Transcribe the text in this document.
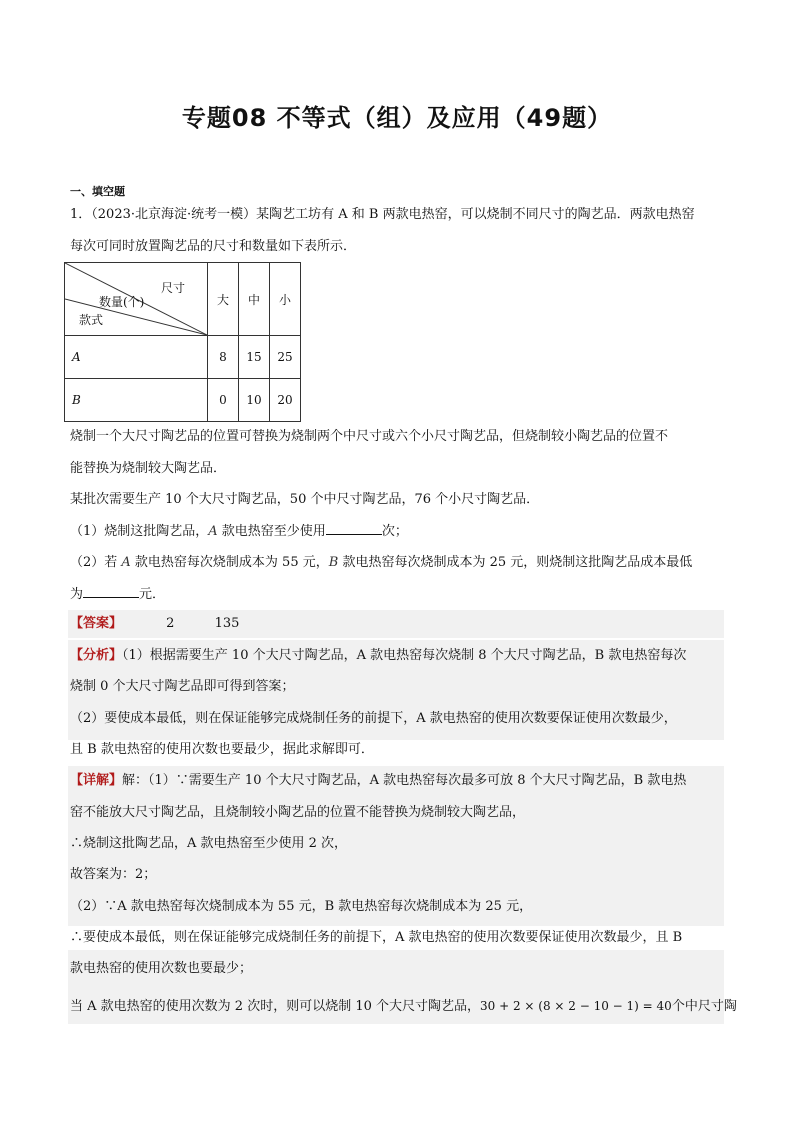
专题08 不等式（组）及应用（49题）
一、填空题
1．（2023·北京海淀·统考一模）某陶艺工坊有 A 和 B 两款电热窑，可以烧制不同尺寸的陶艺品．两款电热窑
每次可同时放置陶艺品的尺寸和数量如下表所示．
尺寸
数量(个)
款式	大	中	小
A	8	15	25
B	0	10	20
烧制一个大尺寸陶艺品的位置可替换为烧制两个中尺寸或六个小尺寸陶艺品，但烧制较小陶艺品的位置不
能替换为烧制较大陶艺品．
某批次需要生产 10 个大尺寸陶艺品，50 个中尺寸陶艺品，76 个小尺寸陶艺品．
（1）烧制这批陶艺品，A 款电热窑至少使用	次；
（2）若 A 款电热窑每次烧制成本为 55 元，B 款电热窑每次烧制成本为 25 元，则烧制这批陶艺品成本最低
为	元．
【答案】	2	135
【分析】（1）根据需要生产 10 个大尺寸陶艺品，A 款电热窑每次烧制 8 个大尺寸陶艺品，B 款电热窑每次
烧制 0 个大尺寸陶艺品即可得到答案；
（2）要使成本最低，则在保证能够完成烧制任务的前提下，A 款电热窑的使用次数要保证使用次数最少，
且 B 款电热窑的使用次数也要最少，据此求解即可．
【详解】解：（1）∵需要生产 10 个大尺寸陶艺品，A 款电热窑每次最多可放 8 个大尺寸陶艺品，B 款电热
窑不能放大尺寸陶艺品，且烧制较小陶艺品的位置不能替换为烧制较大陶艺品，
∴烧制这批陶艺品，A 款电热窑至少使用 2 次，
故答案为：2；
（2）∵A 款电热窑每次烧制成本为 55 元，B 款电热窑每次烧制成本为 25 元，
∴要使成本最低，则在保证能够完成烧制任务的前提下，A 款电热窑的使用次数要保证使用次数最少，且 B
款电热窑的使用次数也要最少；
当 A 款电热窑的使用次数为 2 次时，则可以烧制 10 个大尺寸陶艺品，30 + 2 × (8 × 2 − 10 − 1) = 40个中尺寸陶
